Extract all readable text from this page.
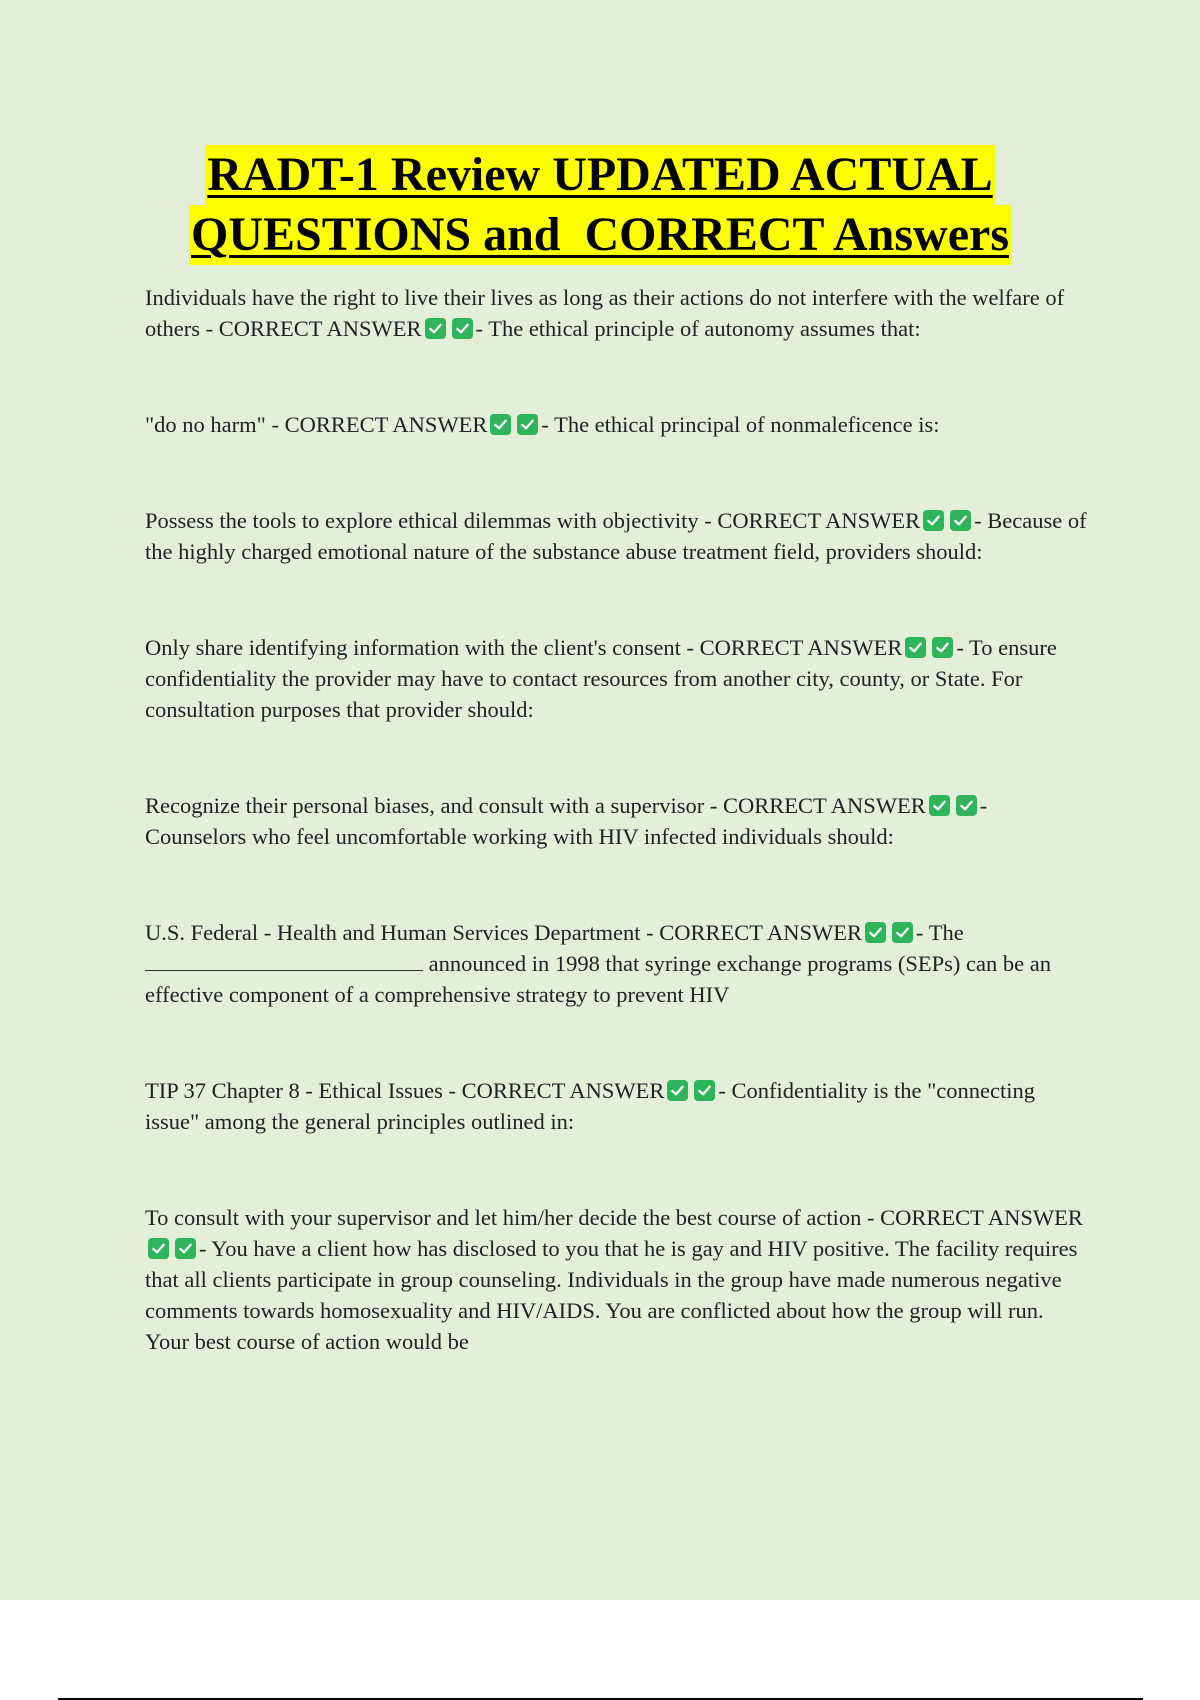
RADT-1 Review UPDATED ACTUAL
QUESTIONS and  CORRECT Answers

Individuals have the right to live their lives as long as their actions do not interfere with the welfare of others - CORRECT ANSWER - The ethical principle of autonomy assumes that:

"do no harm" - CORRECT ANSWER - The ethical principal of nonmaleficence is:

Possess the tools to explore ethical dilemmas with objectivity - CORRECT ANSWER - Because of the highly charged emotional nature of the substance abuse treatment field, providers should:

Only share identifying information with the client's consent - CORRECT ANSWER - To ensure confidentiality the provider may have to contact resources from another city, county, or State. For consultation purposes that provider should:

Recognize their personal biases, and consult with a supervisor - CORRECT ANSWER - Counselors who feel uncomfortable working with HIV infected individuals should:

U.S. Federal - Health and Human Services Department - CORRECT ANSWER - The  announced in 1998 that syringe exchange programs (SEPs) can be an effective component of a comprehensive strategy to prevent HIV

TIP 37 Chapter 8 - Ethical Issues - CORRECT ANSWER - Confidentiality is the "connecting issue" among the general principles outlined in:

To consult with your supervisor and let him/her decide the best course of action - CORRECT ANSWER
- You have a client how has disclosed to you that he is gay and HIV positive. The facility requires that all clients participate in group counseling. Individuals in the group have made numerous negative comments towards homosexuality and HIV/AIDS. You are conflicted about how the group will run. Your best course of action would be
